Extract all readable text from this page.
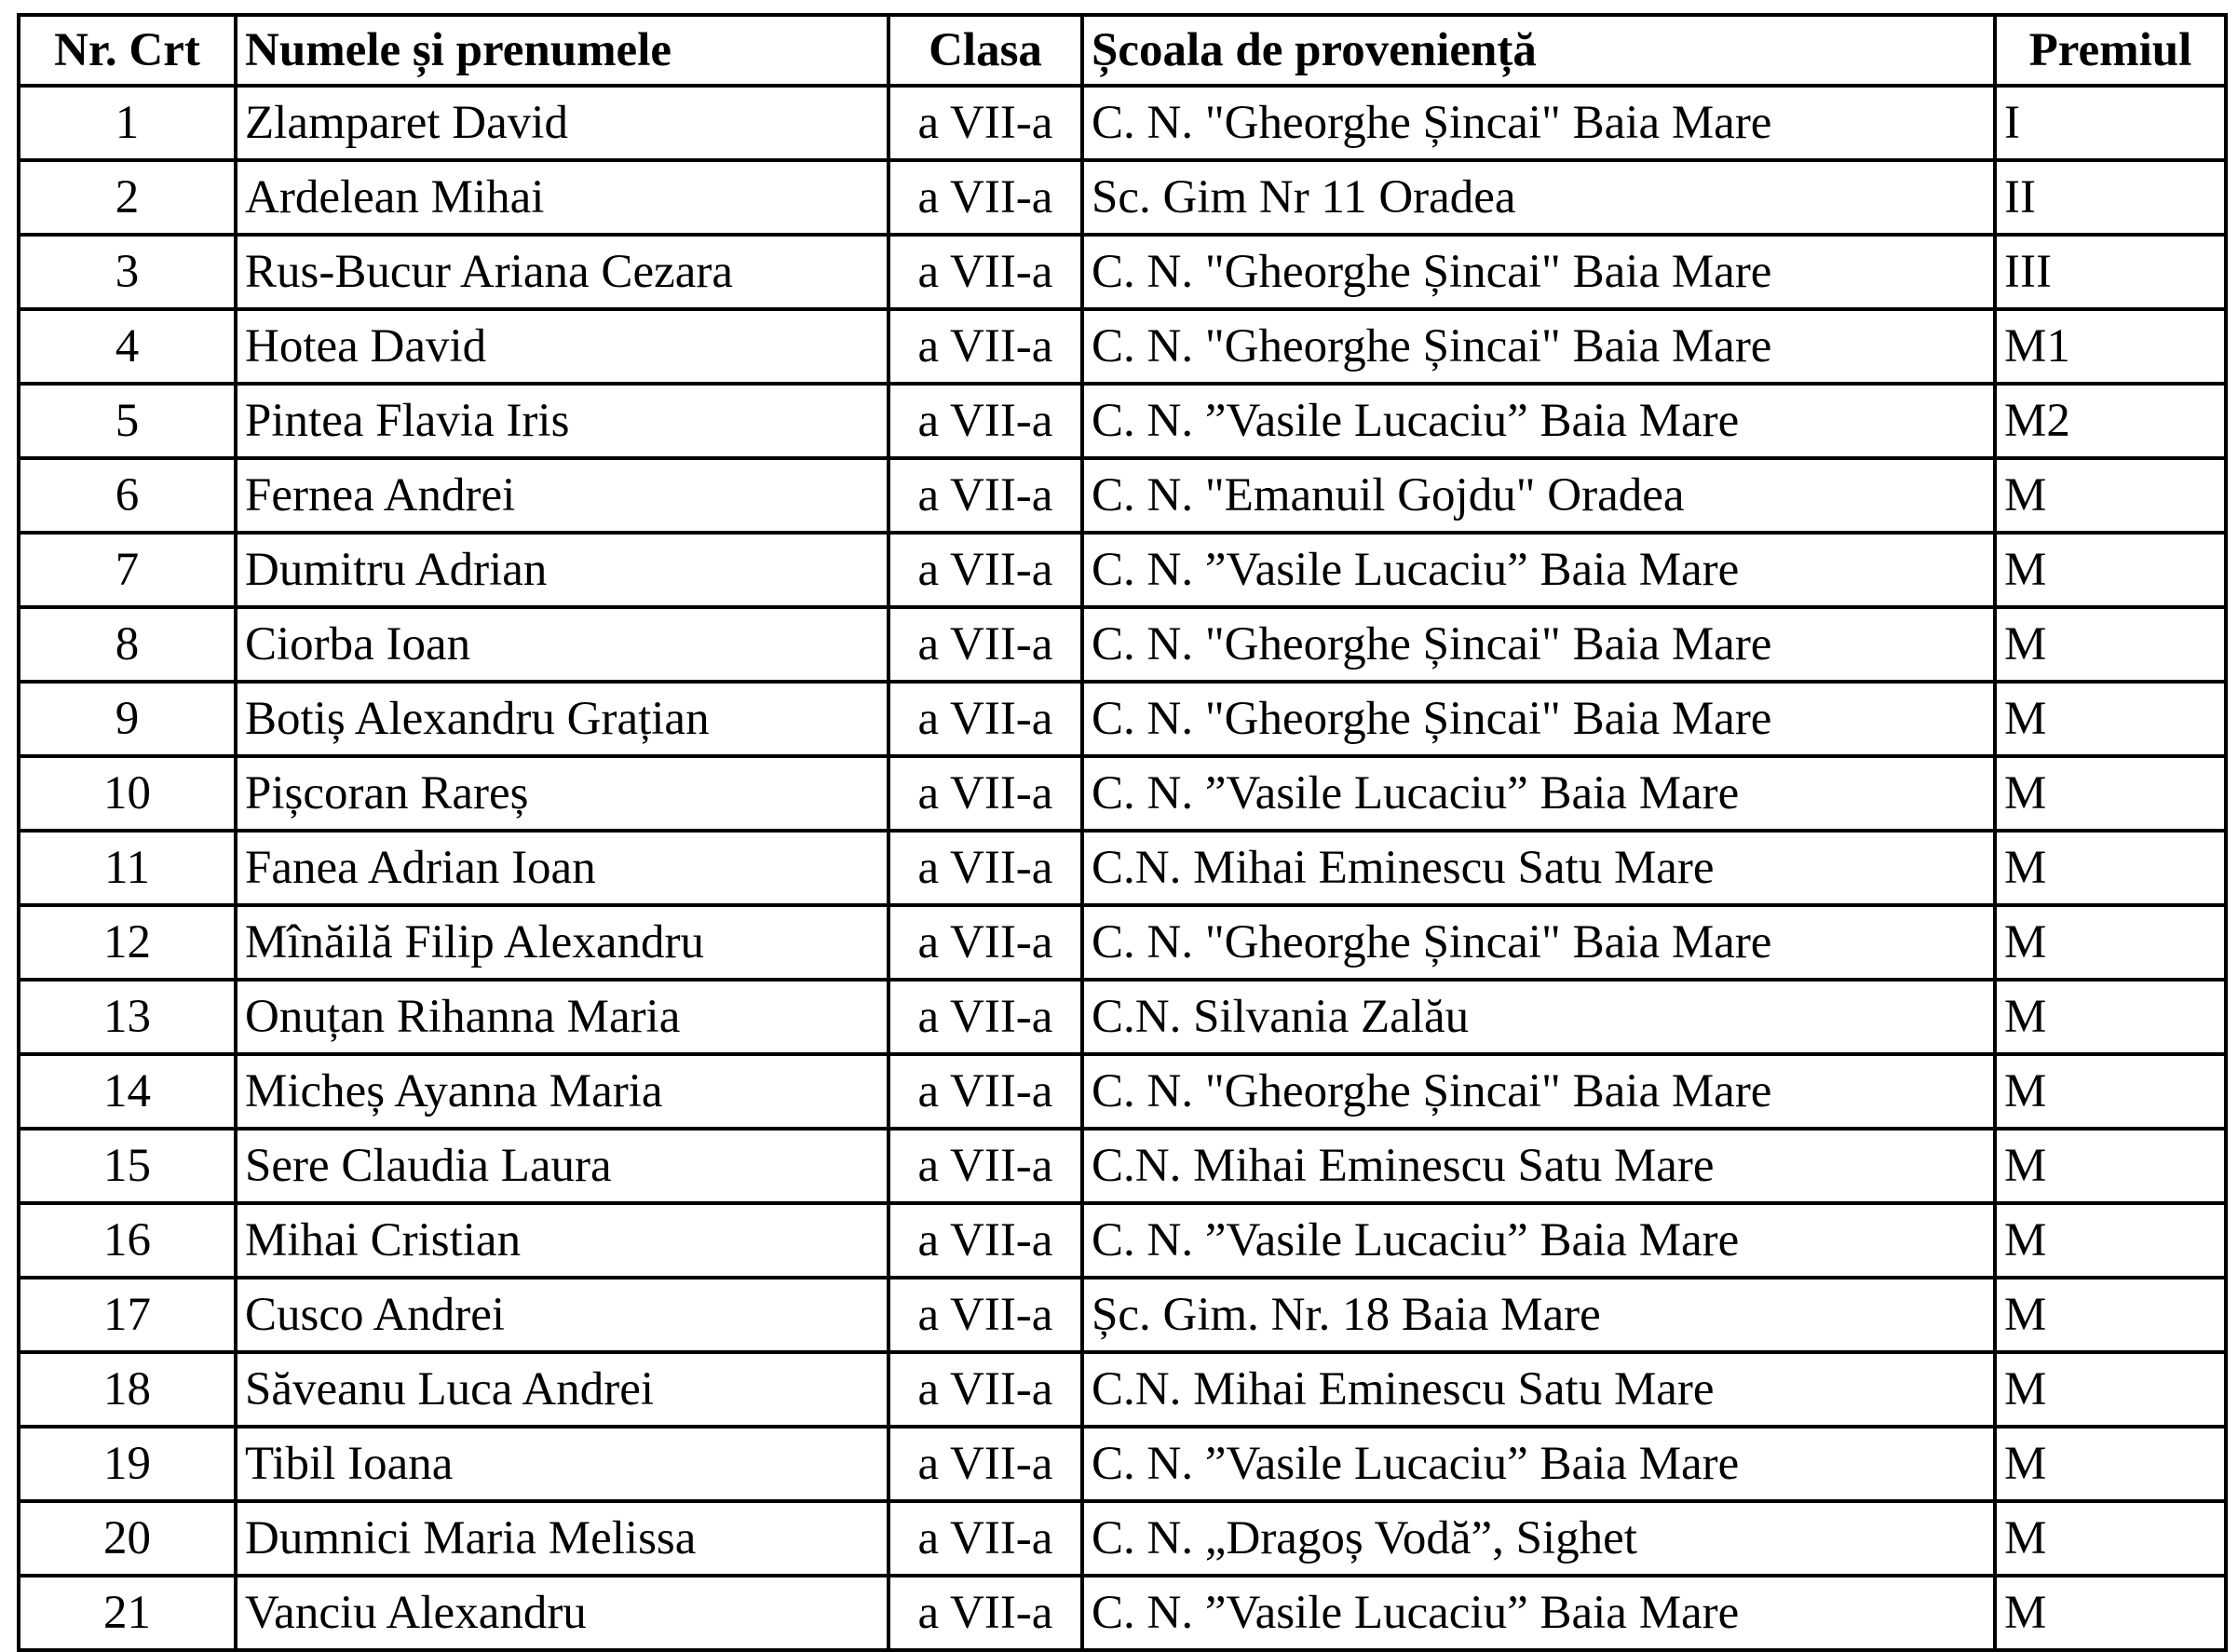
Nr. Crt	Numele și prenumele	Clasa	Școala de proveniență	Premiul
1	Zlamparet David	a VII-a	C. N. "Gheorghe Șincai" Baia Mare	I
2	Ardelean Mihai	a VII-a	Sc. Gim Nr 11 Oradea	II
3	Rus-Bucur Ariana Cezara	a VII-a	C. N. "Gheorghe Șincai" Baia Mare	III
4	Hotea David	a VII-a	C. N. "Gheorghe Șincai" Baia Mare	M1
5	Pintea Flavia Iris	a VII-a	C. N. ”Vasile Lucaciu” Baia Mare	M2
6	Fernea Andrei	a VII-a	C. N. "Emanuil Gojdu" Oradea	M
7	Dumitru Adrian	a VII-a	C. N. ”Vasile Lucaciu” Baia Mare	M
8	Ciorba Ioan	a VII-a	C. N. "Gheorghe Șincai" Baia Mare	M
9	Botiș Alexandru Grațian	a VII-a	C. N. "Gheorghe Șincai" Baia Mare	M
10	Pișcoran Rareș	a VII-a	C. N. ”Vasile Lucaciu” Baia Mare	M
11	Fanea Adrian Ioan	a VII-a	C.N. Mihai Eminescu Satu Mare	M
12	Mînăilă Filip Alexandru	a VII-a	C. N. "Gheorghe Șincai" Baia Mare	M
13	Onuțan Rihanna Maria	a VII-a	C.N. Silvania Zalău	M
14	Micheș Ayanna Maria	a VII-a	C. N. "Gheorghe Șincai" Baia Mare	M
15	Sere Claudia Laura	a VII-a	C.N. Mihai Eminescu Satu Mare	M
16	Mihai Cristian	a VII-a	C. N. ”Vasile Lucaciu” Baia Mare	M
17	Cusco Andrei	a VII-a	Șc. Gim. Nr. 18 Baia Mare	M
18	Săveanu Luca Andrei	a VII-a	C.N. Mihai Eminescu Satu Mare	M
19	Tibil Ioana	a VII-a	C. N. ”Vasile Lucaciu” Baia Mare	M
20	Dumnici Maria Melissa	a VII-a	C. N. „Dragoș Vodă”, Sighet	M
21	Vanciu Alexandru	a VII-a	C. N. ”Vasile Lucaciu” Baia Mare	M
